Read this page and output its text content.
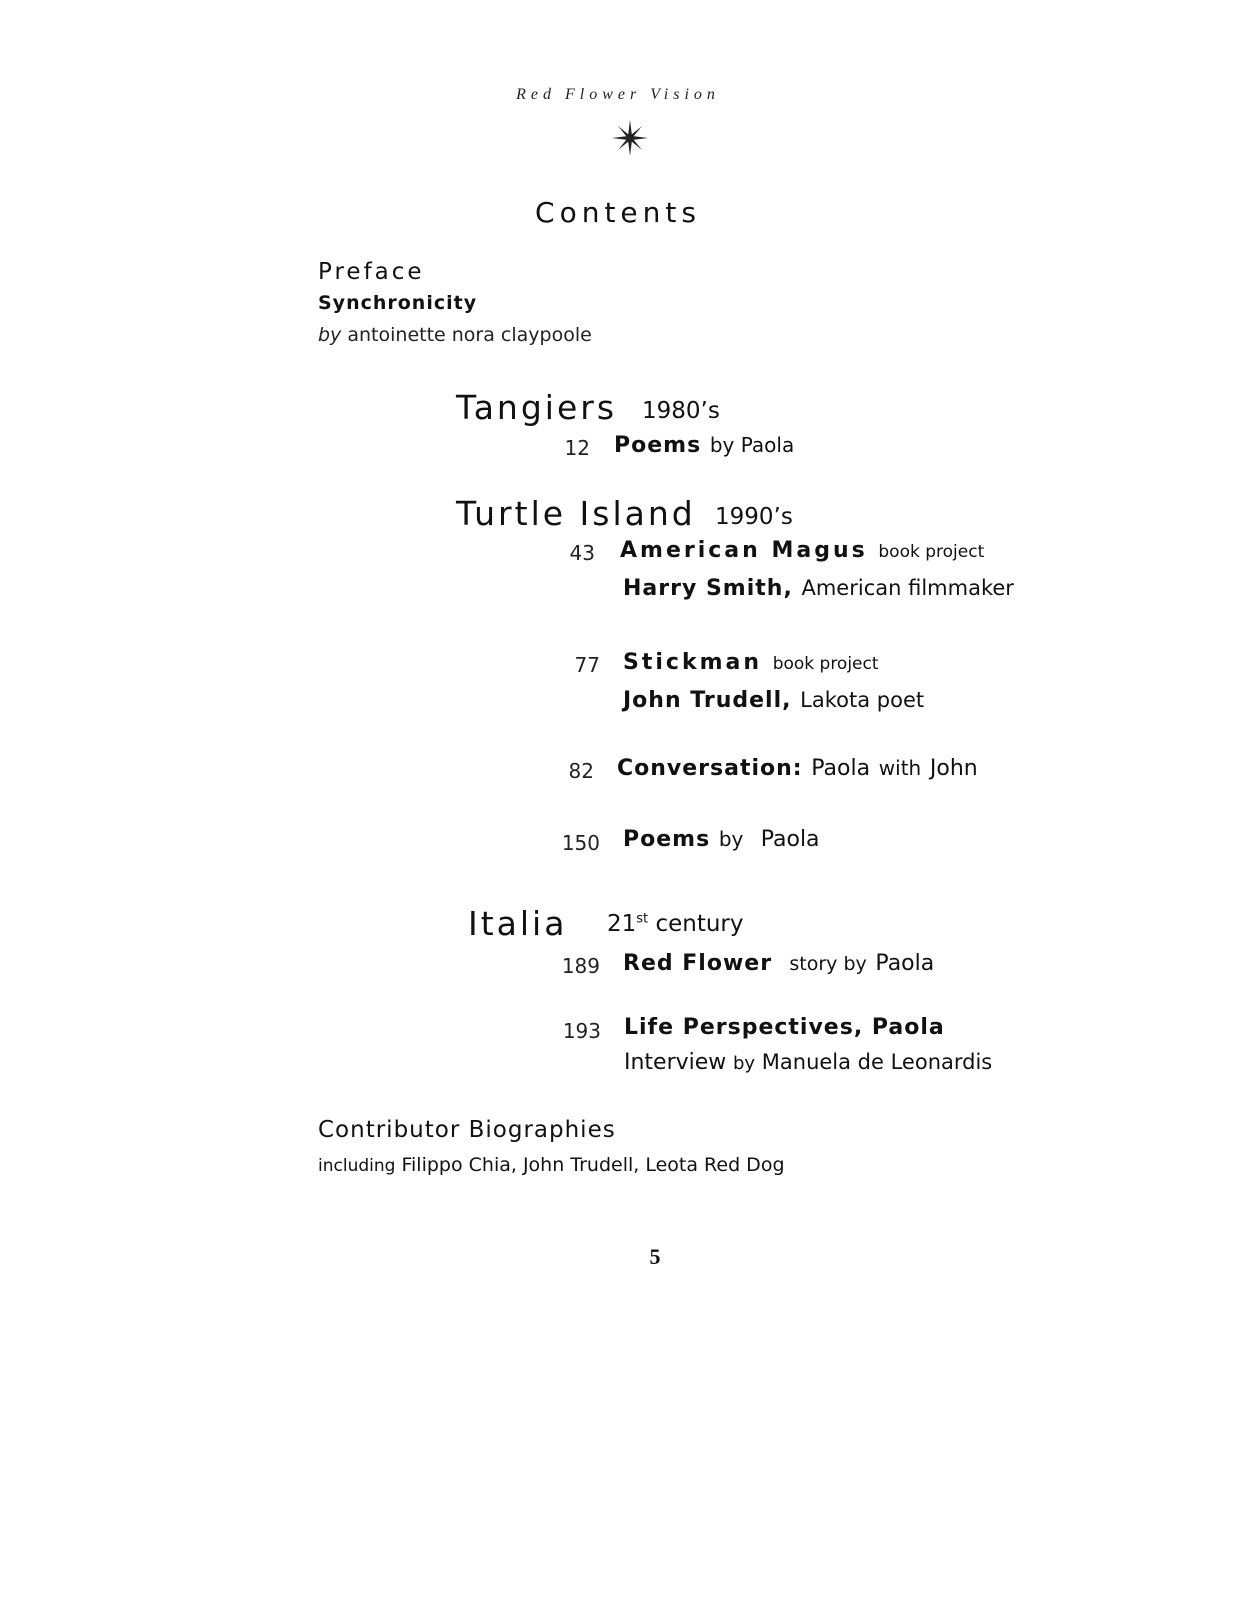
Red Flower Vision
Contents
Preface
Synchronicity
by antoinette nora claypoole
Tangiers 1980’s
12 Poems by Paola
Turtle Island 1990’s
43 American Magus book project
Harry Smith, American filmmaker
77 Stickman book project
John Trudell, Lakota poet
82 Conversation: Paola with John
150 Poems by Paola
Italia 21st century
189 Red Flower story by Paola
193 Life Perspectives, Paola
Interview by Manuela de Leonardis
Contributor Biographies
including Filippo Chia, John Trudell, Leota Red Dog
5
